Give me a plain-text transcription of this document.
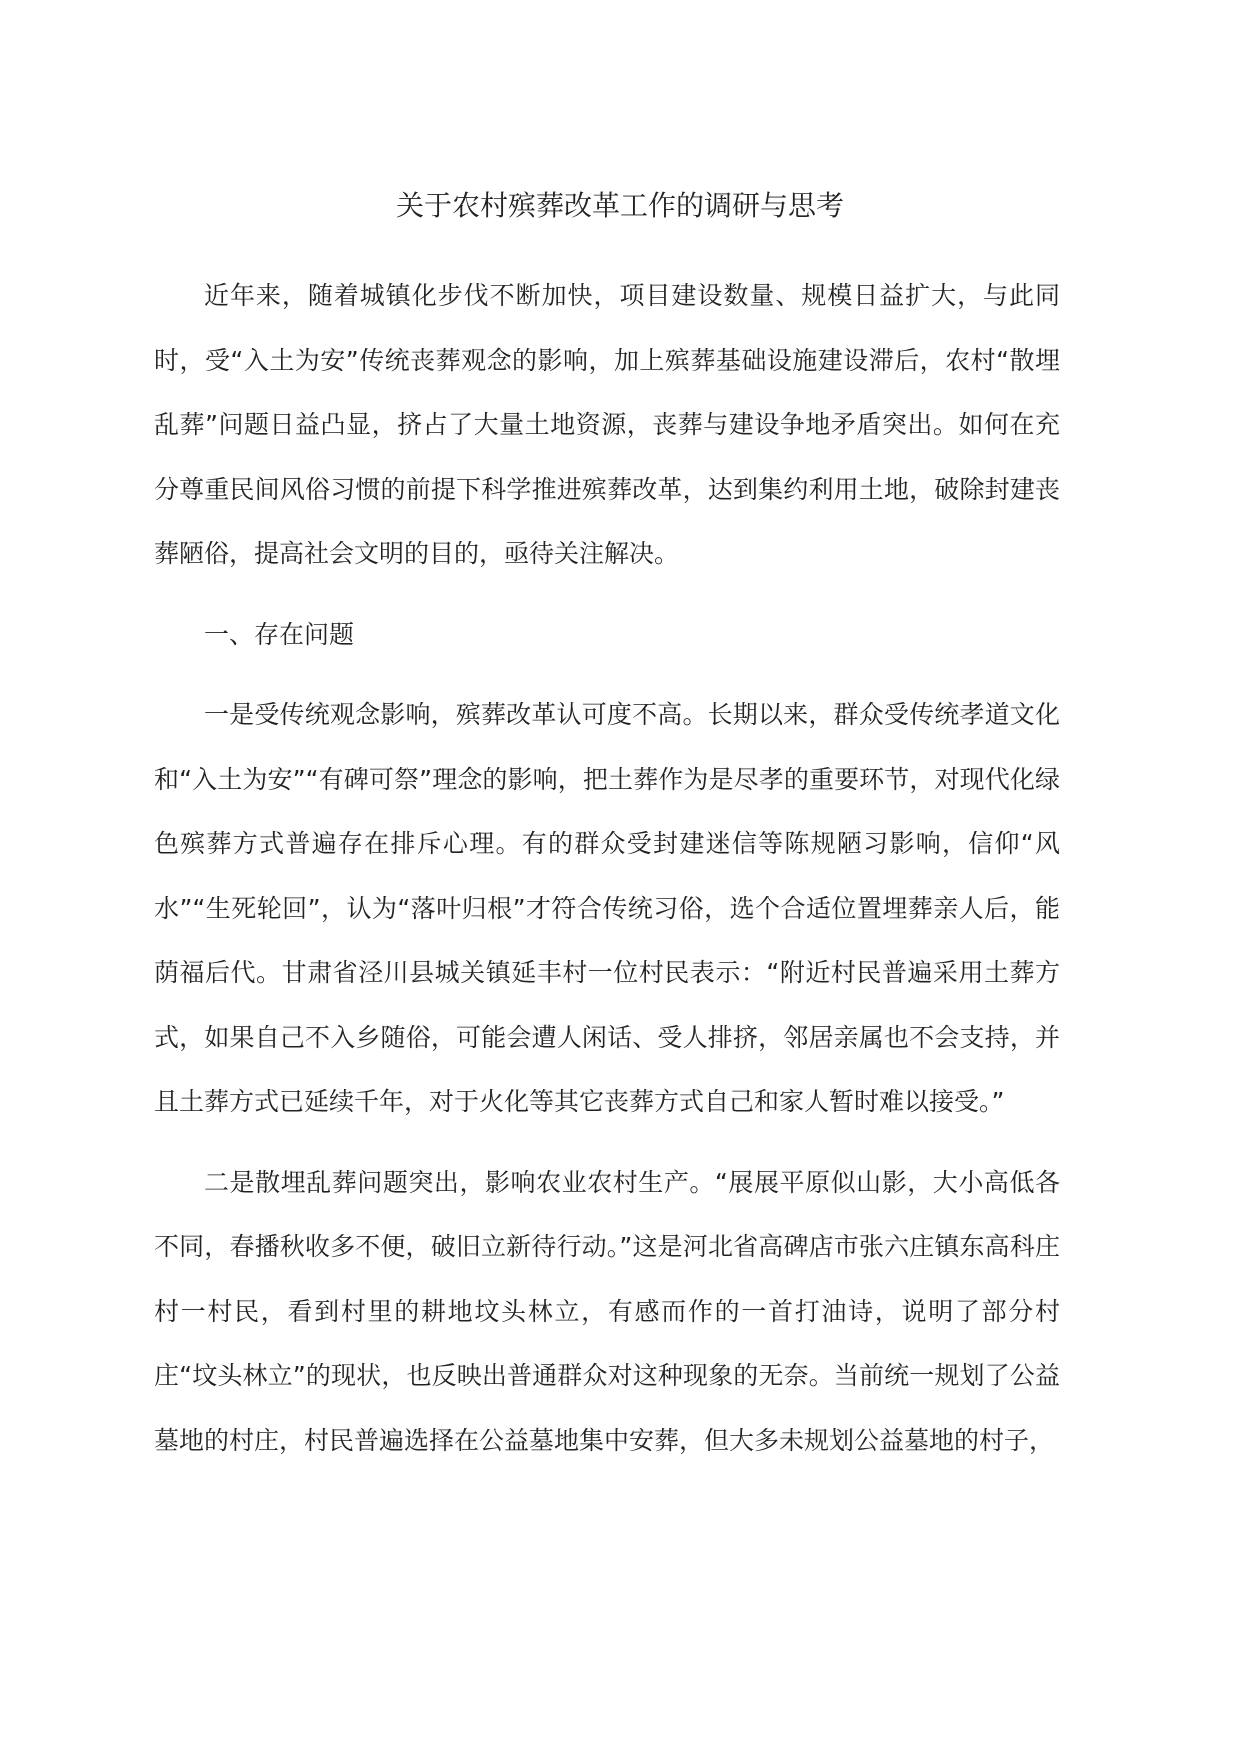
关于农村殡葬改革工作的调研与思考

近年来，随着城镇化步伐不断加快，项目建设数量、规模日益扩大，与此同时，受“入土为安”传统丧葬观念的影响，加上殡葬基础设施建设滞后，农村“散埋乱葬”问题日益凸显，挤占了大量土地资源，丧葬与建设争地矛盾突出。如何在充分尊重民间风俗习惯的前提下科学推进殡葬改革，达到集约利用土地，破除封建丧葬陋俗，提高社会文明的目的，亟待关注解决。

一、存在问题

一是受传统观念影响，殡葬改革认可度不高。长期以来，群众受传统孝道文化和“入土为安”“有碑可祭”理念的影响，把土葬作为是尽孝的重要环节，对现代化绿色殡葬方式普遍存在排斥心理。有的群众受封建迷信等陈规陋习影响，信仰“风水”“生死轮回”，认为“落叶归根”才符合传统习俗，选个合适位置埋葬亲人后，能荫福后代。甘肃省泾川县城关镇延丰村一位村民表示：“附近村民普遍采用土葬方式，如果自己不入乡随俗，可能会遭人闲话、受人排挤，邻居亲属也不会支持，并且土葬方式已延续千年，对于火化等其它丧葬方式自己和家人暂时难以接受。”

二是散埋乱葬问题突出，影响农业农村生产。“展展平原似山影，大小高低各不同，春播秋收多不便，破旧立新待行动。”这是河北省高碑店市张六庄镇东高科庄村一村民，看到村里的耕地坟头林立，有感而作的一首打油诗，说明了部分村庄“坟头林立”的现状，也反映出普通群众对这种现象的无奈。当前统一规划了公益墓地的村庄，村民普遍选择在公益墓地集中安葬，但大多未规划公益墓地的村子，
